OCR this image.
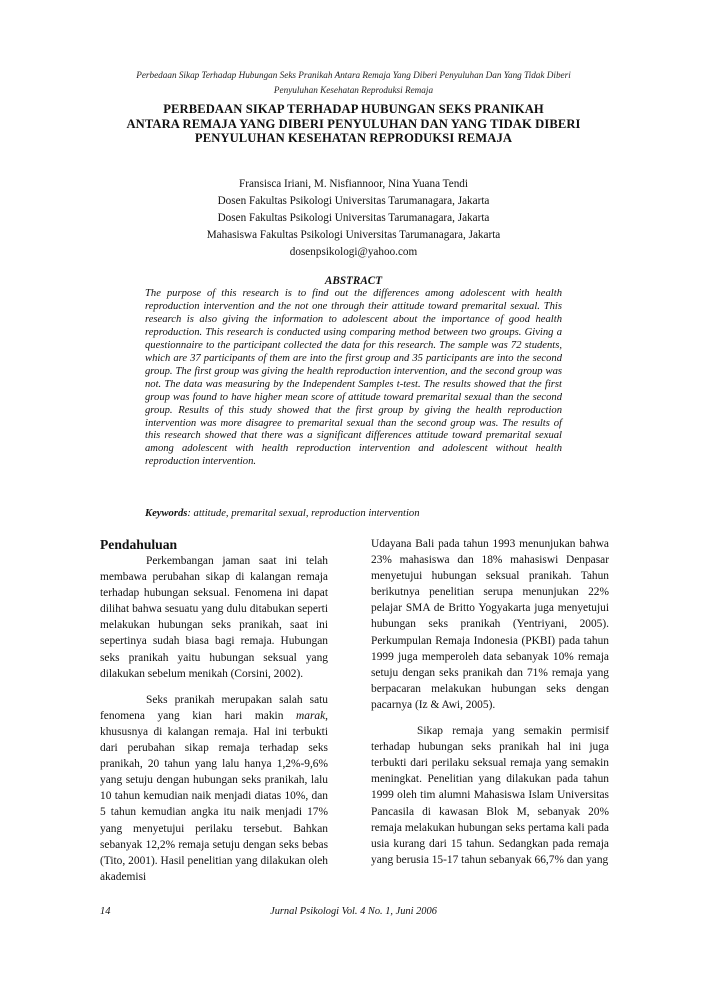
Perbedaan Sikap Terhadap Hubungan Seks Pranikah Antara Remaja Yang Diberi Penyuluhan Dan Yang Tidak Diberi
Penyuluhan Kesehatan Reproduksi Remaja
PERBEDAAN SIKAP TERHADAP HUBUNGAN SEKS PRANIKAH
ANTARA REMAJA YANG DIBERI PENYULUHAN DAN YANG TIDAK DIBERI
PENYULUHAN KESEHATAN REPRODUKSI REMAJA
Fransisca Iriani, M. Nisfiannoor, Nina Yuana Tendi
Dosen Fakultas Psikologi Universitas Tarumanagara, Jakarta
Dosen Fakultas Psikologi Universitas Tarumanagara, Jakarta
Mahasiswa Fakultas Psikologi Universitas Tarumanagara, Jakarta
dosenpsikologi@yahoo.com
ABSTRACT
The purpose of this research is to find out the differences among adolescent with health reproduction intervention and the not one through their attitude toward premarital sexual. This research is also giving the information to adolescent about the importance of good health reproduction. This research is conducted using comparing method between two groups. Giving a questionnaire to the participant collected the data for this research. The sample was 72 students, which are 37 participants of them are into the first group and 35 participants are into the second group. The first group was giving the health reproduction intervention, and the second group was not. The data was measuring by the Independent Samples t-test. The results showed that the first group was found to have higher mean score of attitude toward premarital sexual than the second group. Results of this study showed that the first group by giving the health reproduction intervention was more disagree to premarital sexual than the second group was. The results of this research showed that there was a significant differences attitude toward premarital sexual among adolescent with health reproduction intervention and adolescent without health reproduction intervention.
Keywords: attitude, premarital sexual, reproduction intervention

Pendahuluan

Perkembangan jaman saat ini telah membawa perubahan sikap di kalangan remaja terhadap hubungan seksual. Fenomena ini dapat dilihat bahwa sesuatu yang dulu ditabukan seperti melakukan hubungan seks pranikah, saat ini sepertinya sudah biasa bagi remaja. Hubungan seks pranikah yaitu hubungan seksual yang dilakukan sebelum menikah (Corsini, 2002).

Seks pranikah merupakan salah satu fenomena yang kian hari makin marak, khususnya di kalangan remaja. Hal ini terbukti dari perubahan sikap remaja terhadap seks pranikah, 20 tahun yang lalu hanya 1,2%-9,6% yang setuju dengan hubungan seks pranikah, lalu 10 tahun kemudian naik menjadi diatas 10%, dan 5 tahun kemudian angka itu naik menjadi 17% yang menyetujui perilaku tersebut. Bahkan sebanyak 12,2% remaja setuju dengan seks bebas (Tito, 2001). Hasil penelitian yang dilakukan oleh akademisi

Udayana Bali pada tahun 1993 menunjukan bahwa 23% mahasiswa dan 18% mahasiswi Denpasar menyetujui hubungan seksual pranikah. Tahun berikutnya penelitian serupa menunjukan 22% pelajar SMA de Britto Yogyakarta juga menyetujui hubungan seks pranikah (Yentriyani, 2005). Perkumpulan Remaja Indonesia (PKBI) pada tahun 1999 juga memperoleh data sebanyak 10% remaja setuju dengan seks pranikah dan 71% remaja yang berpacaran melakukan hubungan seks dengan pacarnya (Iz & Awi, 2005).

Sikap remaja yang semakin permisif terhadap hubungan seks pranikah hal ini juga terbukti dari perilaku seksual remaja yang semakin meningkat. Penelitian yang dilakukan pada tahun 1999 oleh tim alumni Mahasiswa Islam Universitas Pancasila di kawasan Blok M, sebanyak 20% remaja melakukan hubungan seks pertama kali pada usia kurang dari 15 tahun. Sedangkan pada remaja yang berusia 15-17 tahun sebanyak 66,7% dan yang

Jurnal Psikologi Vol. 4 No. 1, Juni 2006
14
